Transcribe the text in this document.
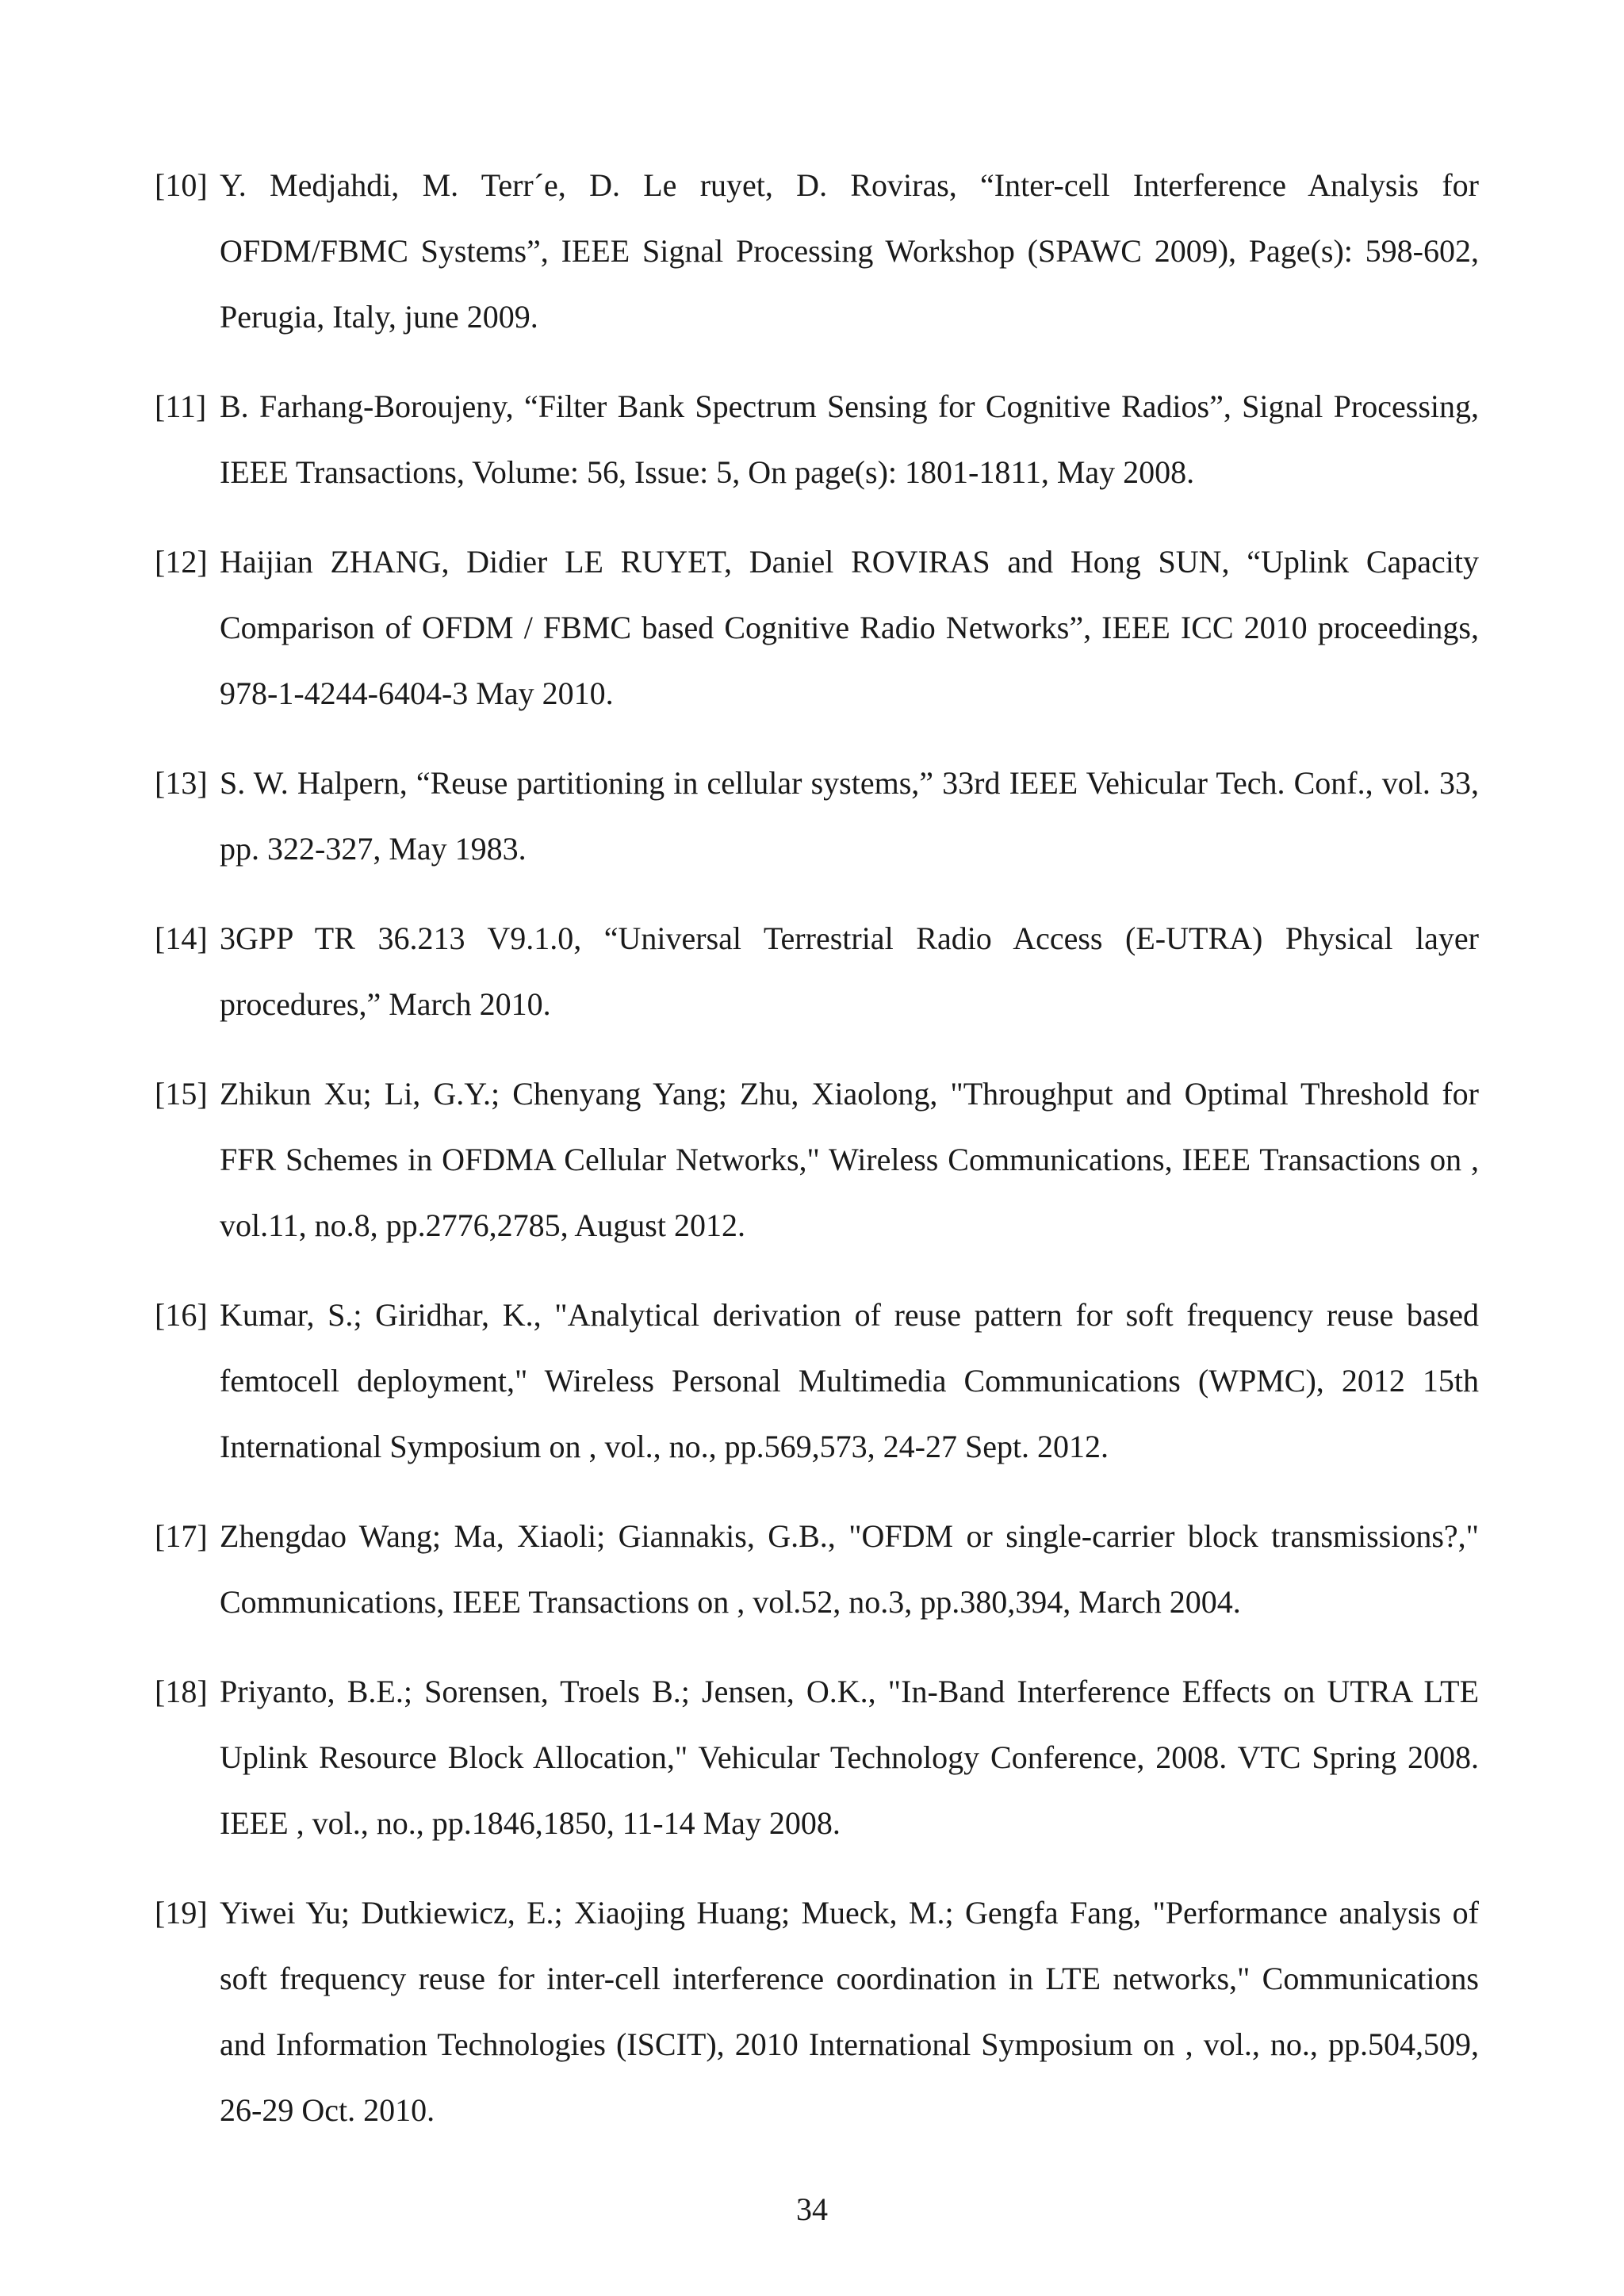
[10] Y. Medjahdi, M. Terr´e, D. Le ruyet, D. Roviras, “Inter-cell Interference Analysis for OFDM/FBMC Systems”, IEEE Signal Processing Workshop (SPAWC 2009), Page(s): 598-602, Perugia, Italy, june 2009.
[11] B. Farhang-Boroujeny, “Filter Bank Spectrum Sensing for Cognitive Radios”, Signal Processing, IEEE Transactions, Volume: 56, Issue: 5, On page(s): 1801-1811, May 2008.
[12] Haijian ZHANG, Didier LE RUYET, Daniel ROVIRAS and Hong SUN, “Uplink Capacity Comparison of OFDM / FBMC based Cognitive Radio Networks”, IEEE ICC 2010 proceedings, 978-1-4244-6404-3 May 2010.
[13] S. W. Halpern, “Reuse partitioning in cellular systems,” 33rd IEEE Vehicular Tech. Conf., vol. 33, pp. 322-327, May 1983.
[14] 3GPP TR 36.213 V9.1.0, “Universal Terrestrial Radio Access (E-UTRA) Physical layer procedures,” March 2010.
[15] Zhikun Xu; Li, G.Y.; Chenyang Yang; Zhu, Xiaolong, "Throughput and Optimal Threshold for FFR Schemes in OFDMA Cellular Networks," Wireless Communications, IEEE Transactions on , vol.11, no.8, pp.2776,2785, August 2012.
[16] Kumar, S.; Giridhar, K., "Analytical derivation of reuse pattern for soft frequency reuse based femtocell deployment," Wireless Personal Multimedia Communications (WPMC), 2012 15th International Symposium on , vol., no., pp.569,573, 24-27 Sept. 2012.
[17] Zhengdao Wang; Ma, Xiaoli; Giannakis, G.B., "OFDM or single-carrier block transmissions?," Communications, IEEE Transactions on , vol.52, no.3, pp.380,394, March 2004.
[18] Priyanto, B.E.; Sorensen, Troels B.; Jensen, O.K., "In-Band Interference Effects on UTRA LTE Uplink Resource Block Allocation," Vehicular Technology Conference, 2008. VTC Spring 2008. IEEE , vol., no., pp.1846,1850, 11-14 May 2008.
[19] Yiwei Yu; Dutkiewicz, E.; Xiaojing Huang; Mueck, M.; Gengfa Fang, "Performance analysis of soft frequency reuse for inter-cell interference coordination in LTE networks," Communications and Information Technologies (ISCIT), 2010 International Symposium on , vol., no., pp.504,509, 26-29 Oct. 2010.
34
